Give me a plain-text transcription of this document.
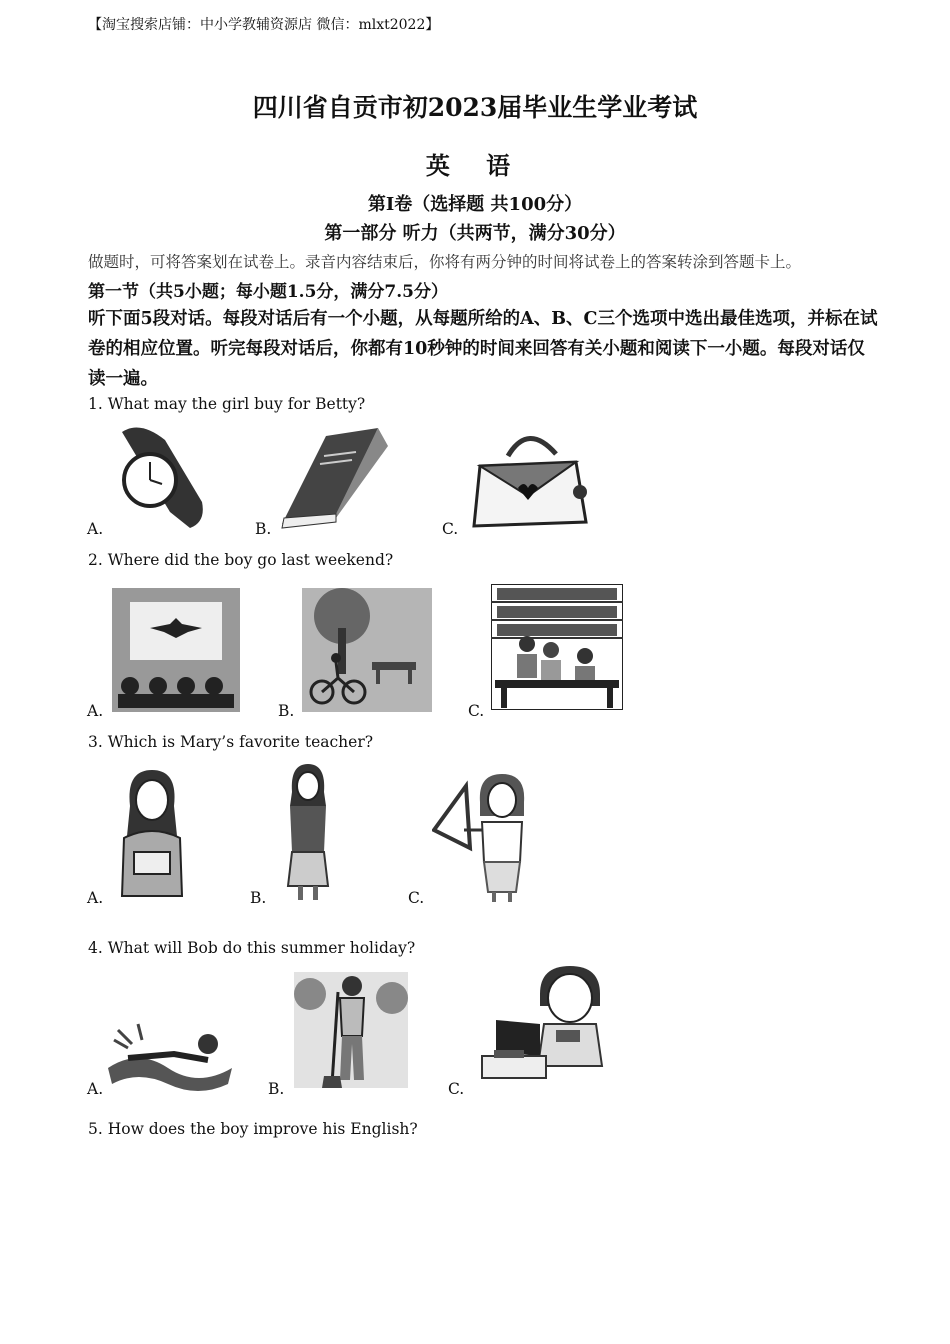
【淘宝搜索店铺：中小学教辅资源店 微信：mlxt2022】
四川省自贡市初2023届毕业生学业考试
英 语
第Ⅰ卷（选择题 共100分）
第一部分 听力（共两节，满分30分）
做题时，可将答案划在试卷上。录音内容结束后，你将有两分钟的时间将试卷上的答案转涂到答题卡上。
第一节（共5小题；每小题1.5分，满分7.5分）
听下面5段对话。每段对话后有一个小题，从每题所给的A、B、C三个选项中选出最佳选项，并标在试卷的相应位置。听完每段对话后，你都有10秒钟的时间来回答有关小题和阅读下一小题。每段对话仅读一遍。
1. What may the girl buy for Betty?
A.	B.	C.
2. Where did the boy go last weekend?
A.	B.	C.
3. Which is Mary’s favorite teacher?
A.	B.	C.
4. What will Bob do this summer holiday?
A.	B.	C.
5. How does the boy improve his English?
